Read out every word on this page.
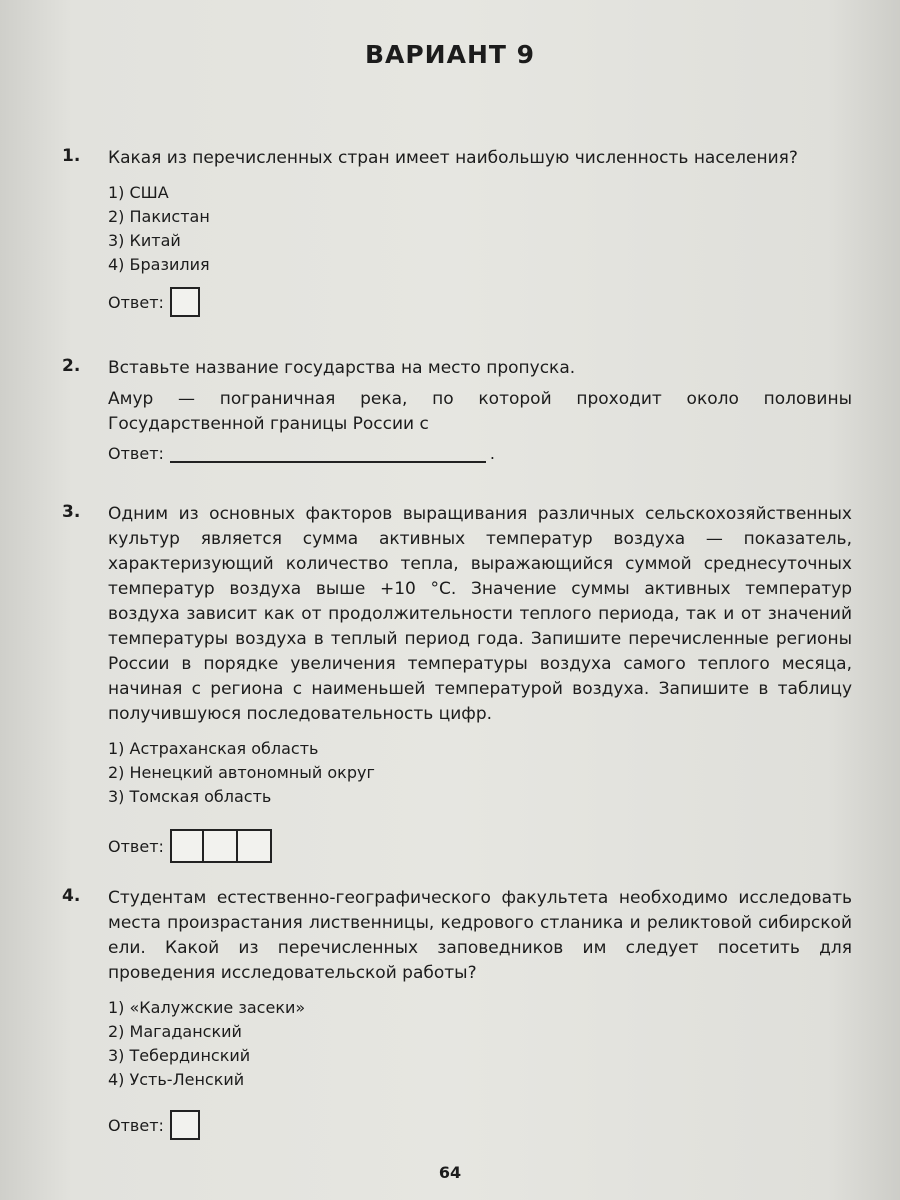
ВАРИАНТ 9
1. Какая из перечисленных стран имеет наибольшую численность населения?

1) США
2) Пакистан
3) Китай
4) Бразилия
Ответ:
2. Вставьте название государства на место пропуска.

Амур — пограничная река, по которой проходит около половины Государственной границы России с

Ответ:	.
3. Одним из основных факторов выращивания различных сельскохозяйственных культур является сумма активных температур воздуха — показатель, характеризующий количество тепла, выражающийся суммой среднесуточных температур воздуха выше +10 °С. Значение суммы активных температур воздуха зависит как от продолжительности теплого периода, так и от значений температуры воздуха в теплый период года. Запишите перечисленные регионы России в порядке увеличения температуры воздуха самого теплого месяца, начиная с региона с наименьшей температурой воздуха. Запишите в таблицу получившуюся последовательность цифр.

1) Астраханская область
2) Ненецкий автономный округ
3) Томская область
Ответ:
4. Студентам естественно-географического факультета необходимо исследовать места произрастания лиственницы, кедрового стланика и реликтовой сибирской ели. Какой из перечисленных заповедников им следует посетить для проведения исследовательской работы?

1) «Калужские засеки»
2) Магаданский
3) Тебердинский
4) Усть-Ленский
Ответ:
64
